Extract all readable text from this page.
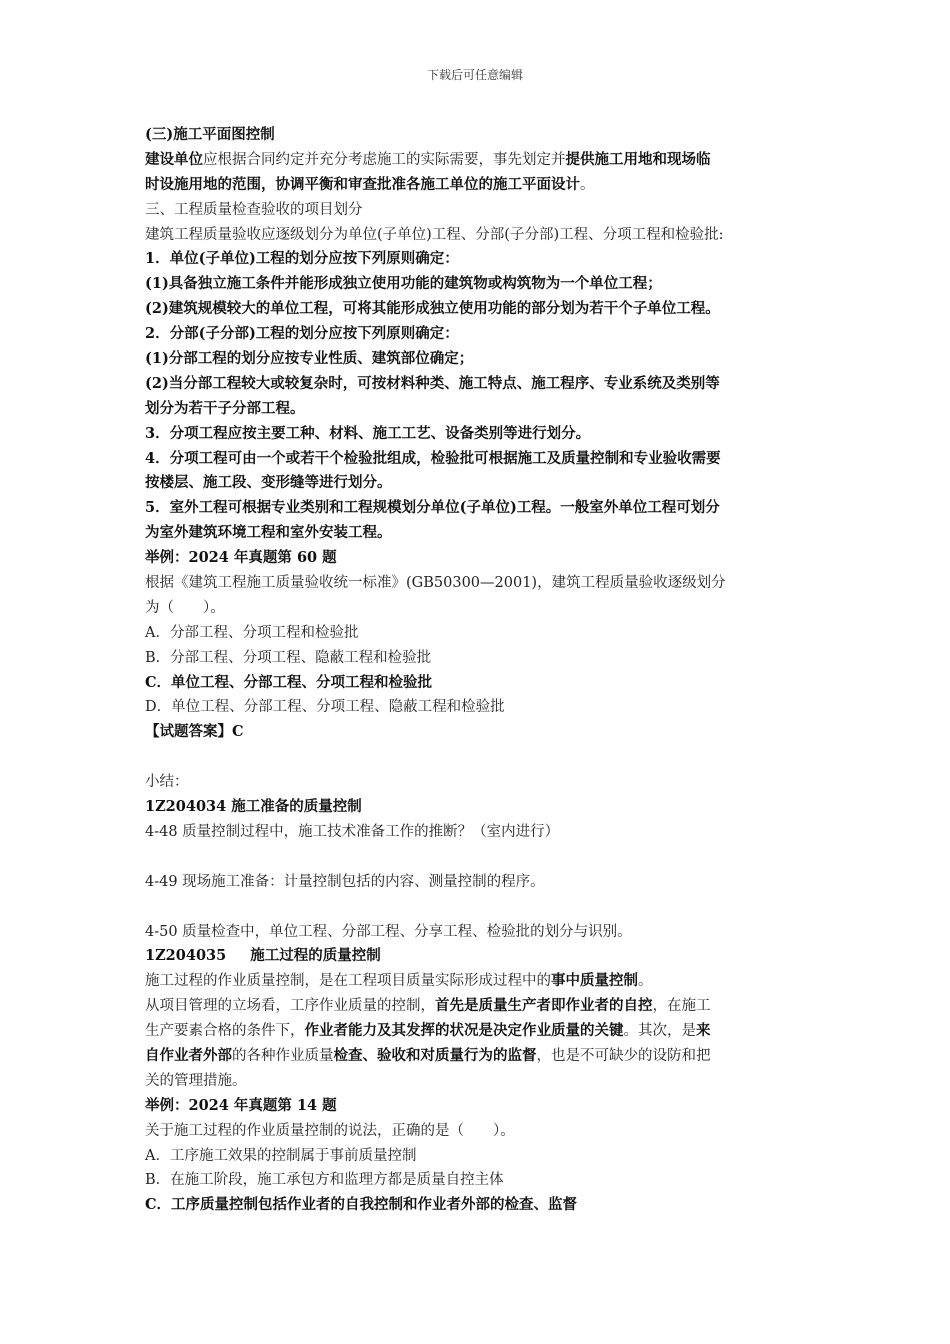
下载后可任意编辑
(三)施工平面图控制
建设单位应根据合同约定并充分考虑施工的实际需要，事先划定并提供施工用地和现场临
时设施用地的范围，协调平衡和审查批准各施工单位的施工平面设计。
三、工程质量检查验收的项目划分
建筑工程质量验收应逐级划分为单位(子单位)工程、分部(子分部)工程、分项工程和检验批:
1．单位(子单位)工程的划分应按下列原则确定：
(1)具备独立施工条件并能形成独立使用功能的建筑物或构筑物为一个单位工程；
(2)建筑规模较大的单位工程，可将其能形成独立使用功能的部分划为若干个子单位工程。
2．分部(子分部)工程的划分应按下列原则确定：
(1)分部工程的划分应按专业性质、建筑部位确定；
(2)当分部工程较大或较复杂时，可按材料种类、施工特点、施工程序、专业系统及类别等
划分为若干子分部工程。
3．分项工程应按主要工种、材料、施工工艺、设备类别等进行划分。
4．分项工程可由一个或若干个检验批组成，检验批可根据施工及质量控制和专业验收需要
按楼层、施工段、变形缝等进行划分。
5．室外工程可根据专业类别和工程规模划分单位(子单位)工程。一般室外单位工程可划分
为室外建筑环境工程和室外安装工程。
举例：2024 年真题第 60 题
根据《建筑工程施工质量验收统一标准》(GB50300—2001)，建筑工程质量验收逐级划分
为（　　）。
A．分部工程、分项工程和检验批
B．分部工程、分项工程、隐蔽工程和检验批
C．单位工程、分部工程、分项工程和检验批
D．单位工程、分部工程、分项工程、隐蔽工程和检验批
【试题答案】C
小结：
1Z204034 施工准备的质量控制
4-48 质量控制过程中，施工技术准备工作的推断？（室内进行）
4-49 现场施工准备：计量控制包括的内容、测量控制的程序。
4-50 质量检查中，单位工程、分部工程、分享工程、检验批的划分与识别。
1Z204035 施工过程的质量控制
施工过程的作业质量控制，是在工程项目质量实际形成过程中的事中质量控制。
从项目管理的立场看，工序作业质量的控制，首先是质量生产者即作业者的自控，在施工
生产要素合格的条件下，作业者能力及其发挥的状况是决定作业质量的关键。其次，是来
自作业者外部的各种作业质量检查、验收和对质量行为的监督，也是不可缺少的设防和把
关的管理措施。
举例：2024 年真题第 14 题
关于施工过程的作业质量控制的说法，正确的是（　　）。
A．工序施工效果的控制属于事前质量控制
B．在施工阶段，施工承包方和监理方都是质量自控主体
C．工序质量控制包括作业者的自我控制和作业者外部的检查、监督
